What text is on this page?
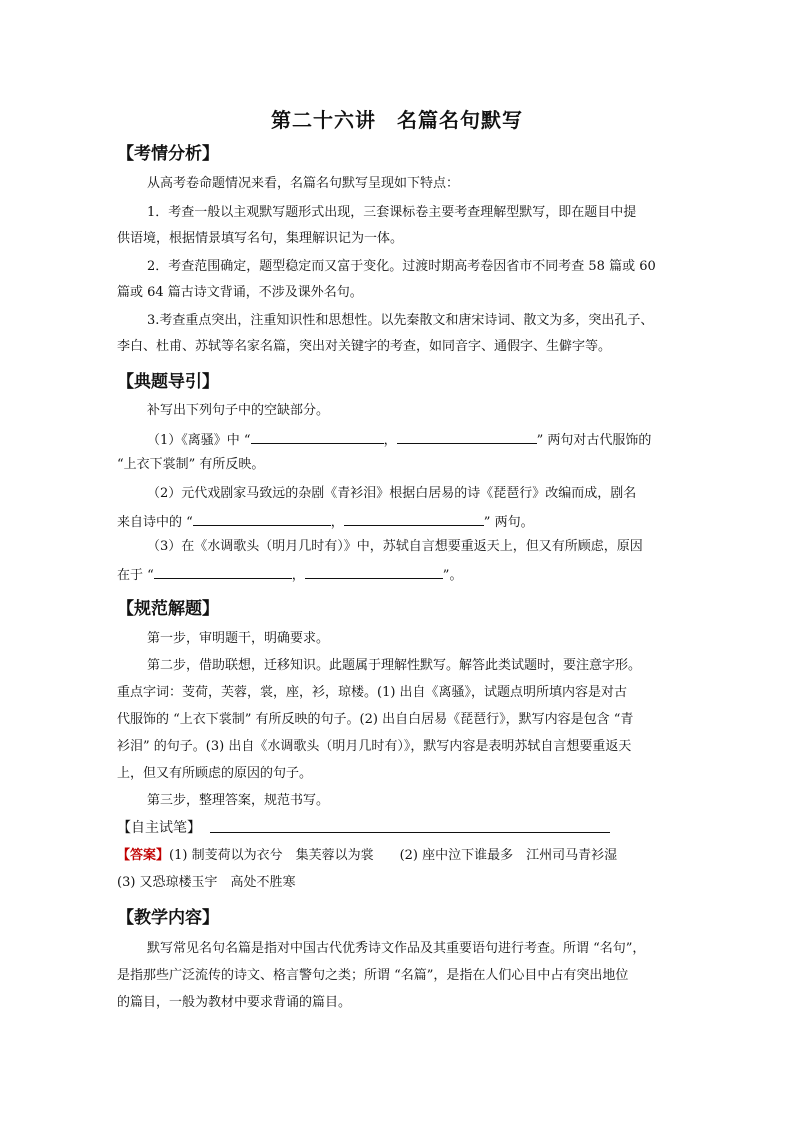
第二十六讲　名篇名句默写
【考情分析】
从高考卷命题情况来看，名篇名句默写呈现如下特点：
1．考查一般以主观默写题形式出现，三套课标卷主要考查理解型默写，即在题目中提
供语境，根据情景填写名句，集理解识记为一体。
2．考查范围确定，题型稳定而又富于变化。过渡时期高考卷因省市不同考查 58 篇或 60
篇或 64 篇古诗文背诵，不涉及课外名句。
3.考查重点突出，注重知识性和思想性。以先秦散文和唐宋诗词、散文为多，突出孔子、
李白、杜甫、苏轼等名家名篇，突出对关键字的考查，如同音字、通假字、生僻字等。
【典题导引】
补写出下列句子中的空缺部分。
（1）《离骚》中 “	，	” 两句对古代服饰的
“上衣下裳制” 有所反映。
（2）元代戏剧家马致远的杂剧《青衫泪》根据白居易的诗《琵琶行》改编而成，剧名
来自诗中的 “	，	” 两句。
（3）在《水调歌头（明月几时有）》中，苏轼自言想要重返天上，但又有所顾虑，原因
在于 “	，	”。
【规范解题】
第一步，审明题干，明确要求。
第二步，借助联想，迁移知识。此题属于理解性默写。解答此类试题时，要注意字形。
重点字词：芰荷，芙蓉，裳，座，衫，琼楼。(1) 出自《离骚》，试题点明所填内容是对古
代服饰的 “上衣下裳制” 有所反映的句子。(2) 出自白居易《琵琶行》，默写内容是包含 “青
衫泪” 的句子。(3) 出自《水调歌头（明月几时有）》，默写内容是表明苏轼自言想要重返天
上，但又有所顾虑的原因的句子。
第三步，整理答案，规范书写。
【自主试笔】
【答案】(1) 制芰荷以为衣兮　集芙蓉以为裳　　(2) 座中泣下谁最多　江州司马青衫湿
(3) 又恐琼楼玉宇　高处不胜寒
【教学内容】
默写常见名句名篇是指对中国古代优秀诗文作品及其重要语句进行考查。所谓 “名句”，
是指那些广泛流传的诗文、格言警句之类；所谓 “名篇”，是指在人们心目中占有突出地位
的篇目，一般为教材中要求背诵的篇目。
